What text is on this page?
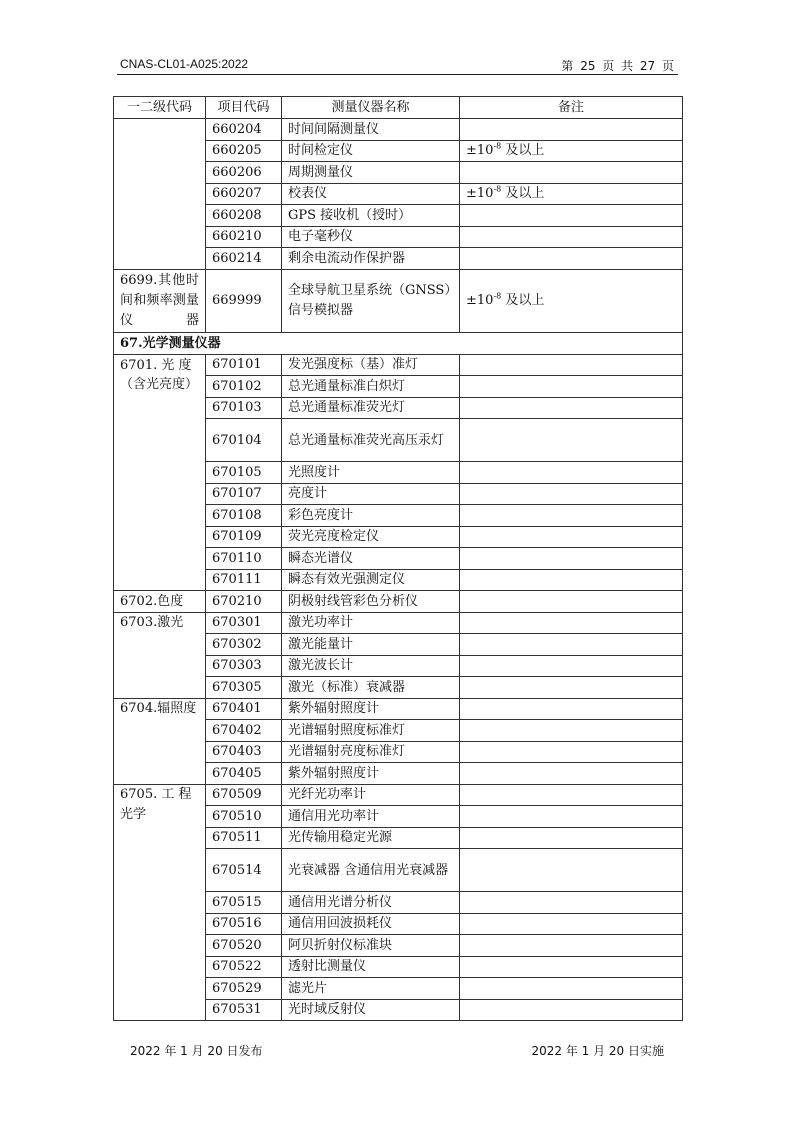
CNAS-CL01-A025:2022	第 25 页 共 27 页
一二级代码	项目代码	测量仪器名称	备注
	660204	时间间隔测量仪	
	660205	时间检定仪	$\pm 10^{-8}$ 及以上
	660206	周期测量仪	
	660207	校表仪	$\pm 10^{-8}$ 及以上
	660208	GPS 接收机（授时）	
	660210	电子毫秒仪	
	660214	剩余电流动作保护器	
6699.其他时间和频率测量仪器	669999	全球导航卫星系统（GNSS）信号模拟器	$\pm 10^{-8}$ 及以上
67.光学测量仪器			
6701. 光 度（含光亮度）	670101	发光强度标（基）准灯	
	670102	总光通量标准白炽灯	
	670103	总光通量标准荧光灯	
	670104	总光通量标准荧光高压汞灯	
	670105	光照度计	
	670107	亮度计	
	670108	彩色亮度计	
	670109	荧光亮度检定仪	
	670110	瞬态光谱仪	
	670111	瞬态有效光强测定仪	
6702.色度	670210	阴极射线管彩色分析仪	
6703.激光	670301	激光功率计	
	670302	激光能量计	
	670303	激光波长计	
	670305	激光（标准）衰减器	
6704.辐照度	670401	紫外辐射照度计	
	670402	光谱辐射照度标准灯	
	670403	光谱辐射亮度标准灯	
	670405	紫外辐射照度计	
6705. 工 程 光学	670509	光纤光功率计	
	670510	通信用光功率计	
	670511	光传输用稳定光源	
	670514	光衰减器 含通信用光衰减器	
	670515	通信用光谱分析仪	
	670516	通信用回波损耗仪	
	670520	阿贝折射仪标准块	
	670522	透射比测量仪	
	670529	滤光片	
	670531	光时域反射仪	
2022 年 1 月 20 日发布	2022 年 1 月 20 日实施
